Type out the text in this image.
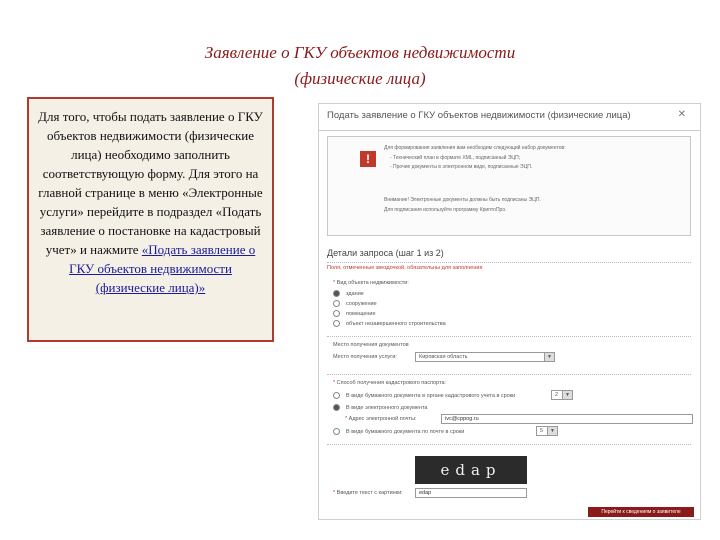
Заявление о ГКУ объектов недвижимости
(физические лица)
Для того, чтобы подать заявление о ГКУ объектов недвижимости (физические лица) необходимо заполнить соответствующую форму. Для этого на главной странице в меню «Электронные услуги» перейдите в подраздел «Подать заявление о постановке на кадастровый учет» и нажмите «Подать заявление о ГКУ объектов недвижимости (физические лица)»
Подать заявление о ГКУ объектов недвижимости (физические лица)	✕
!
Для формирования заявления вам необходим следующий набор документов:
- Технический план в формате XML, подписанный ЭЦП;
- Прочие документы в электронном виде, подписанные ЭЦП.
Внимание! Электронные документы должны быть подписаны ЭЦП.
Для подписания используйте программу КриптоПро.
Детали запроса (шаг 1 из 2)
Поля, отмеченные звездочкой, обязательны для заполнения
* Вид объекта недвижимости:
здание
сооружение
помещение
объект незавершенного строительства
Место получения документов
Место получения услуги:	Кировская область	▼
* Способ получения кадастрового паспорта:
В виде бумажного документа в органе кадастрового учета в сроки	2	▼
В виде электронного документа
* Адрес электронной почты:	ivc@cppog.ru
В виде бумажного документа по почте в сроки	5	▼
edap
* Введите текст с картинки:	edap
Перейти к сведениям о заявителе
